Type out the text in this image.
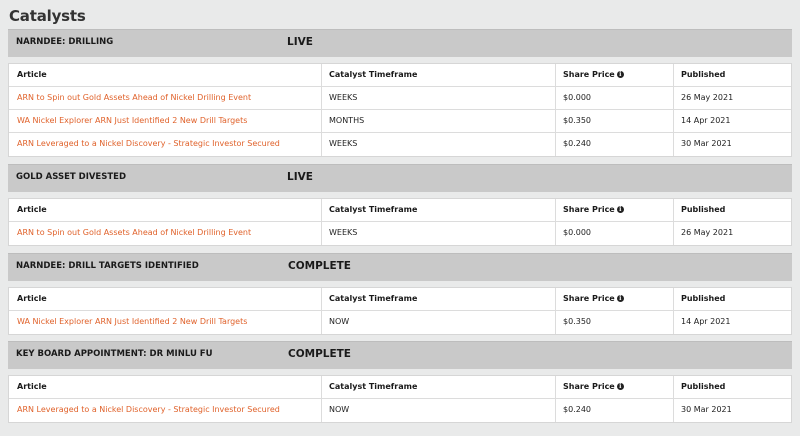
Catalysts
NARNDEE: DRILLING	LIVE
Article	Catalyst Timeframe	Share Price i	Published
ARN to Spin out Gold Assets Ahead of Nickel Drilling Event	WEEKS	$0.000	26 May 2021
WA Nickel Explorer ARN Just Identified 2 New Drill Targets	MONTHS	$0.350	14 Apr 2021
ARN Leveraged to a Nickel Discovery - Strategic Investor Secured	WEEKS	$0.240	30 Mar 2021
GOLD ASSET DIVESTED	LIVE
Article	Catalyst Timeframe	Share Price i	Published
ARN to Spin out Gold Assets Ahead of Nickel Drilling Event	WEEKS	$0.000	26 May 2021
NARNDEE: DRILL TARGETS IDENTIFIED	COMPLETE
Article	Catalyst Timeframe	Share Price i	Published
WA Nickel Explorer ARN Just Identified 2 New Drill Targets	NOW	$0.350	14 Apr 2021
KEY BOARD APPOINTMENT: DR MINLU FU	COMPLETE
Article	Catalyst Timeframe	Share Price i	Published
ARN Leveraged to a Nickel Discovery - Strategic Investor Secured	NOW	$0.240	30 Mar 2021
